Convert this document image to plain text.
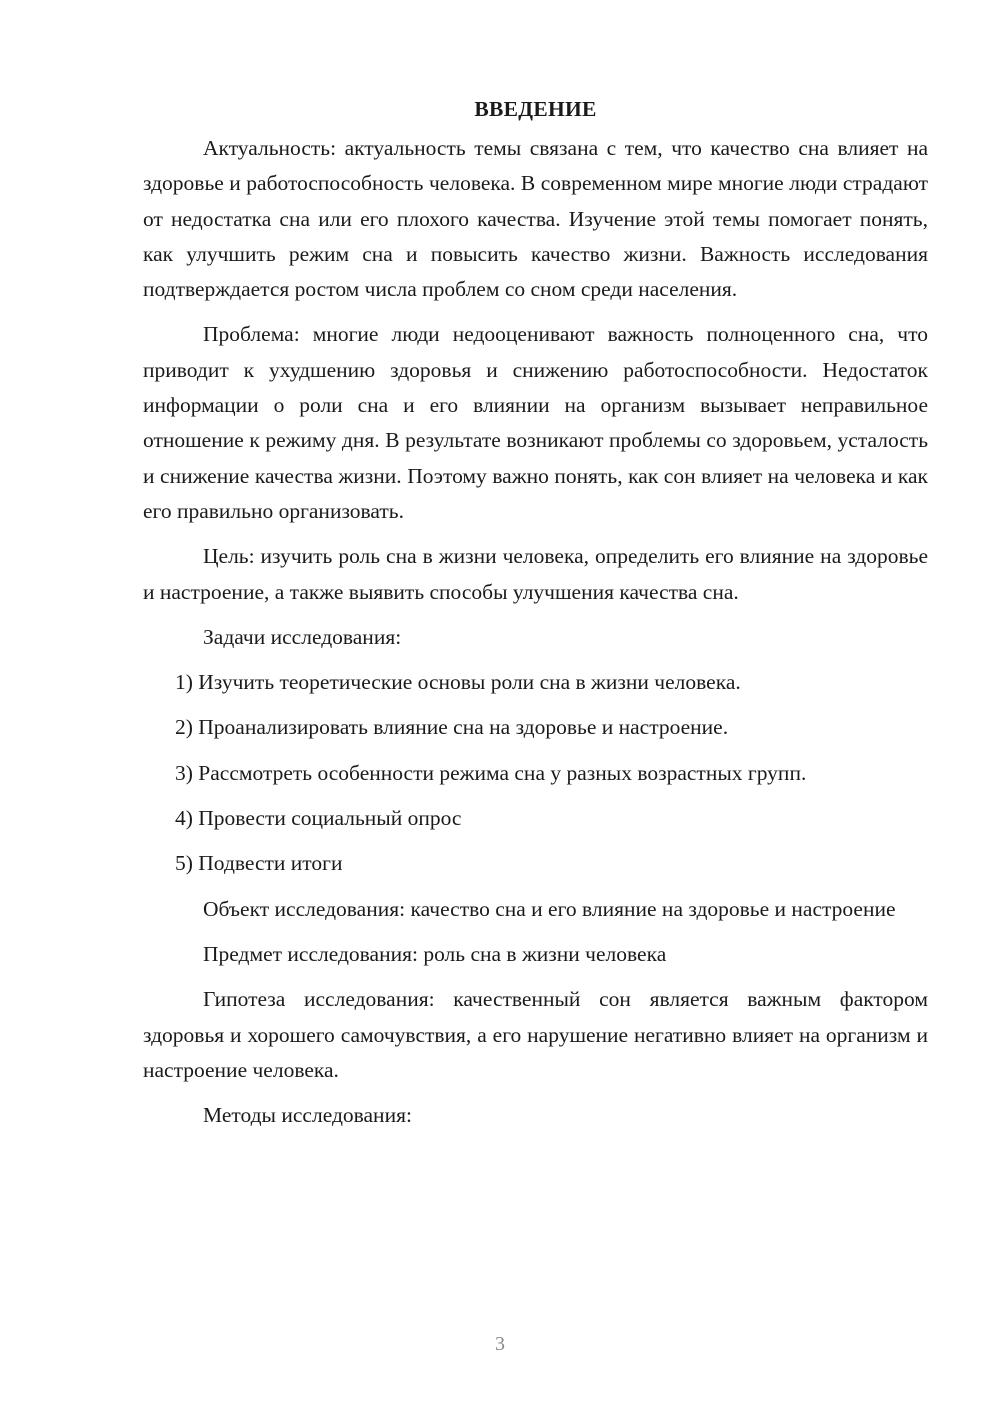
ВВЕДЕНИЕ

Актуальность: актуальность темы связана с тем, что качество сна влияет на здоровье и работоспособность человека. В современном мире многие люди страдают от недостатка сна или его плохого качества. Изучение этой темы помогает понять, как улучшить режим сна и повысить качество жизни. Важность исследования подтверждается ростом числа проблем со сном среди населения.

Проблема: многие люди недооценивают важность полноценного сна, что приводит к ухудшению здоровья и снижению работоспособности. Недостаток информации о роли сна и его влиянии на организм вызывает неправильное отношение к режиму дня. В результате возникают проблемы со здоровьем, усталость и снижение качества жизни. Поэтому важно понять, как сон влияет на человека и как его правильно организовать.

Цель: изучить роль сна в жизни человека, определить его влияние на здоровье и настроение, а также выявить способы улучшения качества сна.

Задачи исследования:

1) Изучить теоретические основы роли сна в жизни человека.
2) Проанализировать влияние сна на здоровье и настроение.
3) Рассмотреть особенности режима сна у разных возрастных групп.
4) Провести социальный опрос
5) Подвести итоги

Объект исследования: качество сна и его влияние на здоровье и настроение

Предмет исследования: роль сна в жизни человека

Гипотеза исследования: качественный сон является важным фактором здоровья и хорошего самочувствия, а его нарушение негативно влияет на организм и настроение человека.

Методы исследования:

3
